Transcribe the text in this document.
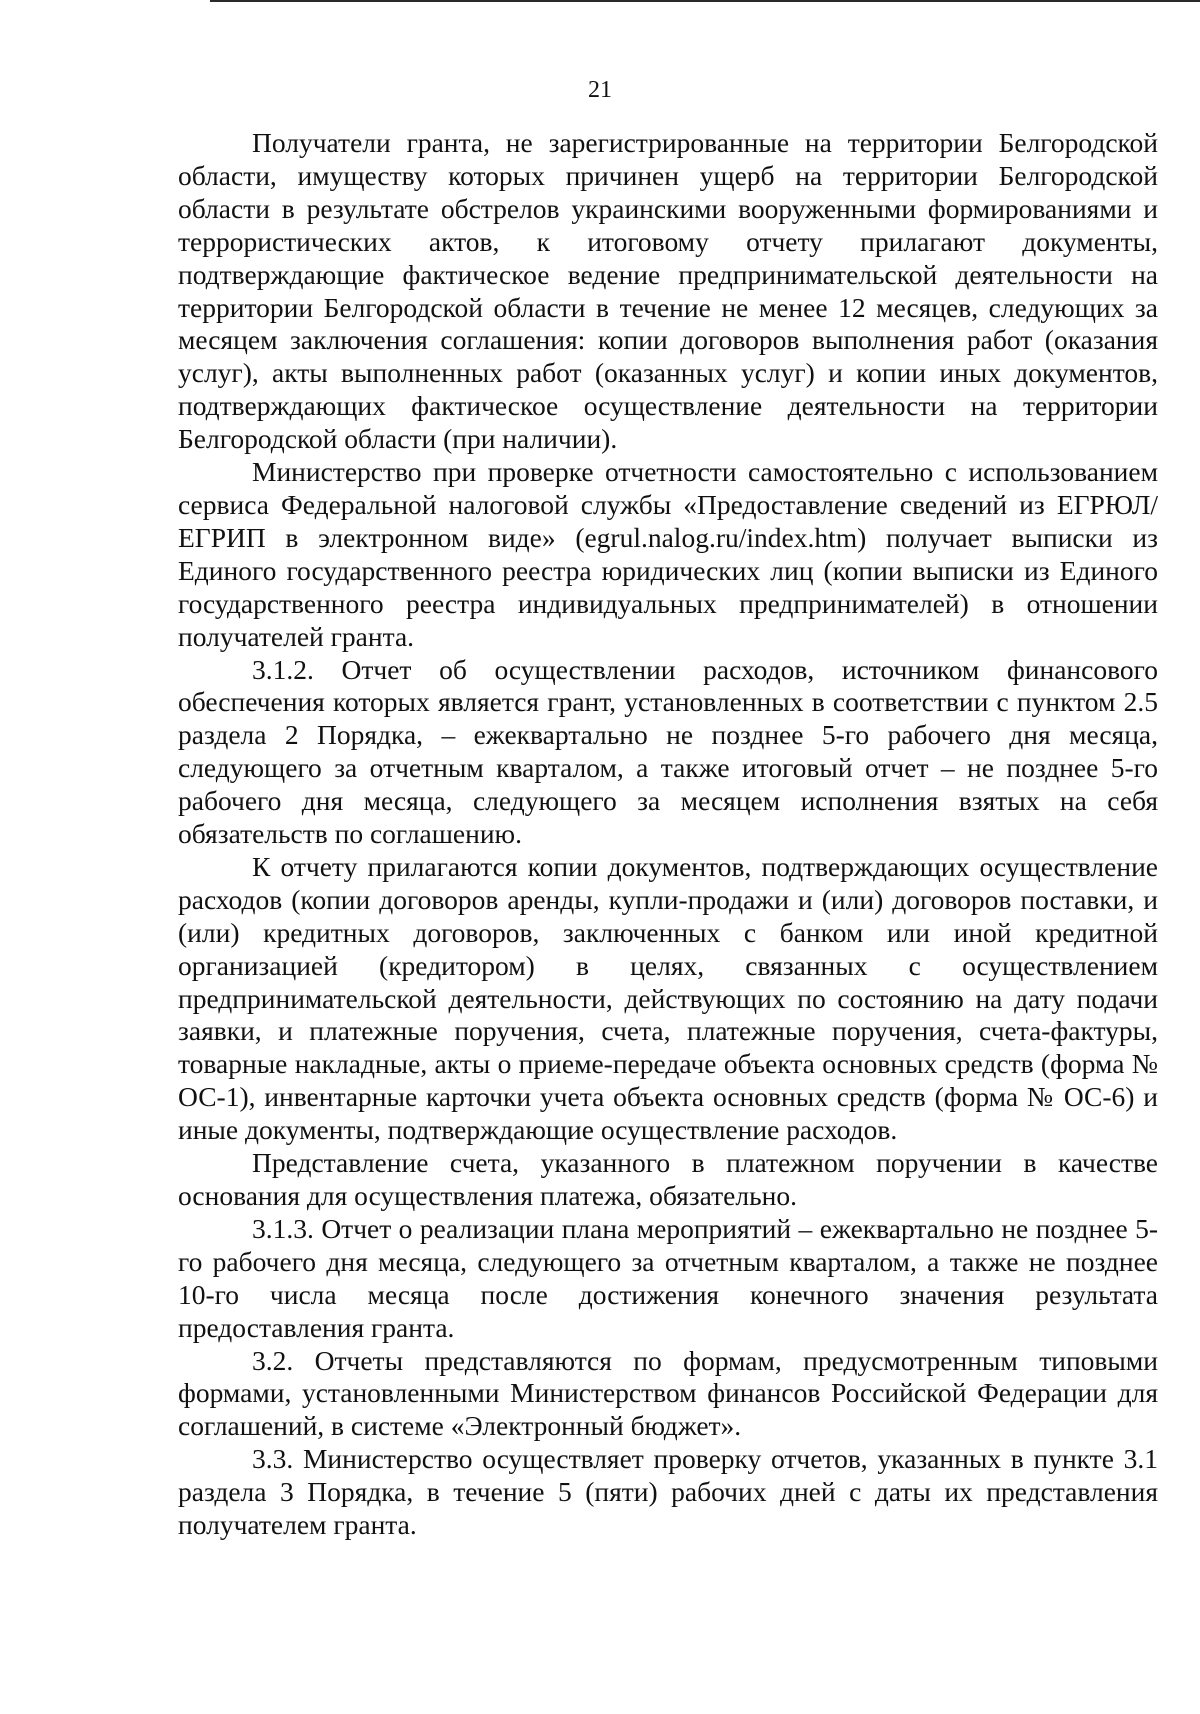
21

Получатели гранта, не зарегистрированные на территории Белгородской области, имуществу которых причинен ущерб на территории Белгородской области в результате обстрелов украинскими вооруженными формированиями и террористических актов, к итоговому отчету прилагают документы, подтверждающие фактическое ведение предпринимательской деятельности на территории Белгородской области в течение не менее 12 месяцев, следующих за месяцем заключения соглашения: копии договоров выполнения работ (оказания услуг), акты выполненных работ (оказанных услуг) и копии иных документов, подтверждающих фактическое осуществление деятельности на территории Белгородской области (при наличии).

Министерство при проверке отчетности самостоятельно с использованием сервиса Федеральной налоговой службы «Предоставление сведений из ЕГРЮЛ/ЕГРИП в электронном виде» (egrul.nalog.ru/index.htm) получает выписки из Единого государственного реестра юридических лиц (копии выписки из Единого государственного реестра индивидуальных предпринимателей) в отношении получателей гранта.

3.1.2. Отчет об осуществлении расходов, источником финансового обеспечения которых является грант, установленных в соответствии с пунктом 2.5 раздела 2 Порядка, – ежеквартально не позднее 5-го рабочего дня месяца, следующего за отчетным кварталом, а также итоговый отчет – не позднее 5-го рабочего дня месяца, следующего за месяцем исполнения взятых на себя обязательств по соглашению.

К отчету прилагаются копии документов, подтверждающих осуществление расходов (копии договоров аренды, купли-продажи и (или) договоров поставки, и (или) кредитных договоров, заключенных с банком или иной кредитной организацией (кредитором) в целях, связанных с осуществлением предпринимательской деятельности, действующих по состоянию на дату подачи заявки, и платежные поручения, счета, платежные поручения, счета-фактуры, товарные накладные, акты о приеме-передаче объекта основных средств (форма № ОС-1), инвентарные карточки учета объекта основных средств (форма № ОС-6) и иные документы, подтверждающие осуществление расходов.

Представление счета, указанного в платежном поручении в качестве основания для осуществления платежа, обязательно.

3.1.3. Отчет о реализации плана мероприятий – ежеквартально не позднее 5-го рабочего дня месяца, следующего за отчетным кварталом, а также не позднее 10-го числа месяца после достижения конечного значения результата предоставления гранта.

3.2. Отчеты представляются по формам, предусмотренным типовыми формами, установленными Министерством финансов Российской Федерации для соглашений, в системе «Электронный бюджет».

3.3. Министерство осуществляет проверку отчетов, указанных в пункте 3.1 раздела 3 Порядка, в течение 5 (пяти) рабочих дней с даты их представления получателем гранта.
